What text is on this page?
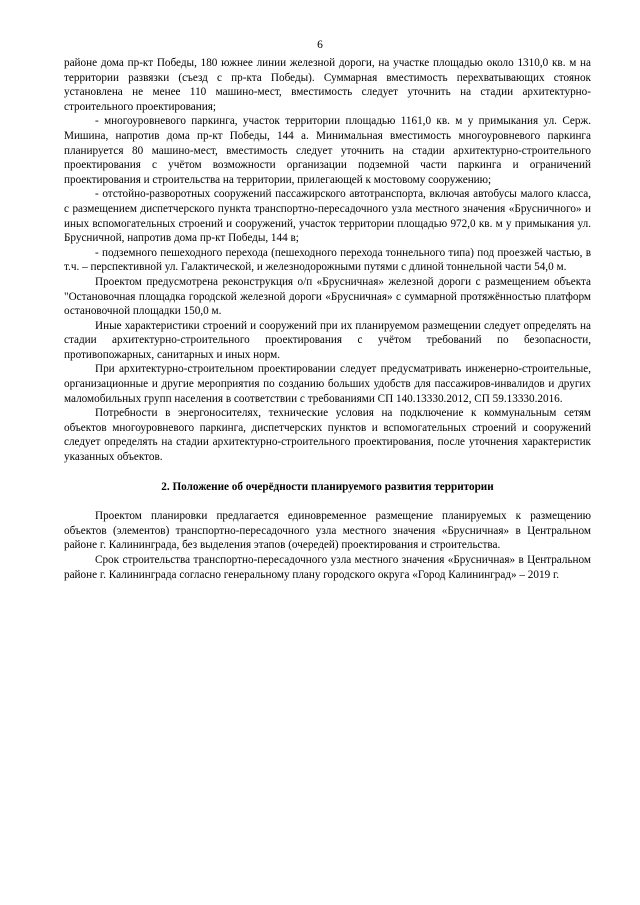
6

районе дома пр-кт Победы, 180 южнее линии железной дороги, на участке площадью около 1310,0 кв. м на территории развязки (съезд с пр-кта Победы). Суммарная вместимость перехватывающих стоянок установлена не менее 110 машино-мест, вместимость следует уточнить на стадии архитектурно-строительного проектирования;

- многоуровневого паркинга, участок территории площадью 1161,0 кв. м у примыкания ул. Серж. Мишина, напротив дома пр-кт Победы, 144 а. Минимальная вместимость многоуровневого паркинга планируется 80 машино-мест, вместимость следует уточнить на стадии архитектурно-строительного проектирования с учётом возможности организации подземной части паркинга и ограничений проектирования и строительства на территории, прилегающей к мостовому сооружению;

- отстойно-разворотных сооружений пассажирского автотранспорта, включая автобусы малого класса, с размещением диспетчерского пункта транспортно-пересадочного узла местного значения «Брусничного» и иных вспомогательных строений и сооружений, участок территории площадью 972,0 кв. м у примыкания ул. Брусничной, напротив дома пр-кт Победы, 144 в;

- подземного пешеходного перехода (пешеходного перехода тоннельного типа) под проезжей частью, в т.ч. – перспективной ул. Галактической, и железнодорожными путями с длиной тоннельной части 54,0 м.

Проектом предусмотрена реконструкция о/п «Брусничная» железной дороги с размещением объекта "Остановочная площадка городской железной дороги «Брусничная» с суммарной протяжённостью платформ остановочной площадки 150,0 м.

Иные характеристики строений и сооружений при их планируемом размещении следует определять на стадии архитектурно-строительного проектирования с учётом требований по безопасности, противопожарных, санитарных и иных норм.

При архитектурно-строительном проектировании следует предусматривать инженерно-строительные, организационные и другие мероприятия по созданию больших удобств для пассажиров-инвалидов и других маломобильных групп населения в соответствии с требованиями СП 140.13330.2012, СП 59.13330.2016.

Потребности в энергоносителях, технические условия на подключение к коммунальным сетям объектов многоуровневого паркинга, диспетчерских пунктов и вспомогательных строений и сооружений следует определять на стадии архитектурно-строительного проектирования, после уточнения характеристик указанных объектов.

2. Положение об очерёдности планируемого развития территории

Проектом планировки предлагается единовременное размещение планируемых к размещению объектов (элементов) транспортно-пересадочного узла местного значения «Брусничная» в Центральном районе г. Калининграда, без выделения этапов (очередей) проектирования и строительства.

Срок строительства транспортно-пересадочного узла местного значения «Брусничная» в Центральном районе г. Калининграда согласно генеральному плану городского округа «Город Калининград» – 2019 г.
